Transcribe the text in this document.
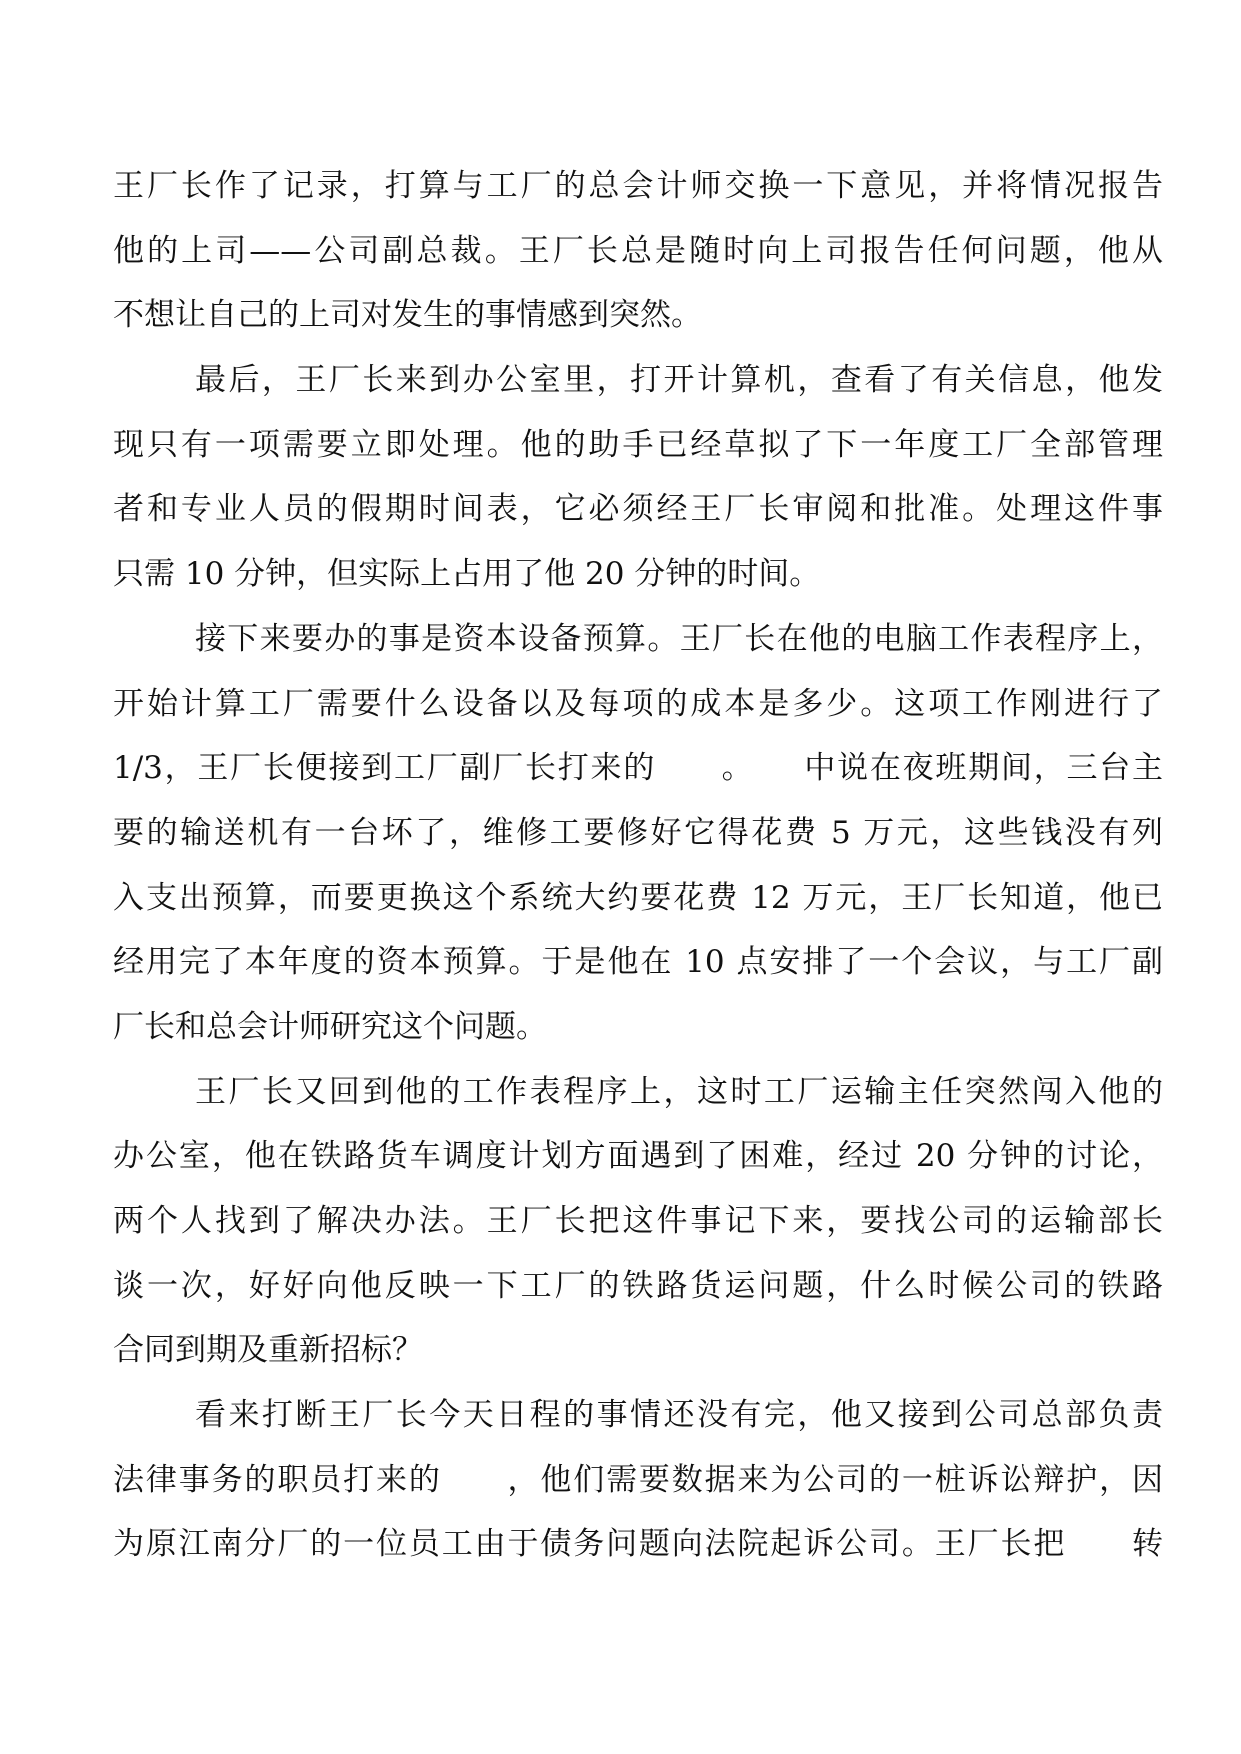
王厂长作了记录，打算与工厂的总会计师交换一下意见，并将情况报告
他的上司——公司副总裁。王厂长总是随时向上司报告任何问题，他从
不想让自己的上司对发生的事情感到突然。
最后，王厂长来到办公室里，打开计算机，查看了有关信息，他发
现只有一项需要立即处理。他的助手已经草拟了下一年度工厂全部管理
者和专业人员的假期时间表，它必须经王厂长审阅和批准。处理这件事
只需 10 分钟，但实际上占用了他 20 分钟的时间。
接下来要办的事是资本设备预算。王厂长在他的电脑工作表程序上，
开始计算工厂需要什么设备以及每项的成本是多少。这项工作刚进行了
1/3，王厂长便接到工厂副厂长打来的　　。　　中说在夜班期间，三台主
要的输送机有一台坏了，维修工要修好它得花费 5 万元，这些钱没有列
入支出预算，而要更换这个系统大约要花费 12 万元，王厂长知道，他已
经用完了本年度的资本预算。于是他在 10 点安排了一个会议，与工厂副
厂长和总会计师研究这个问题。
王厂长又回到他的工作表程序上，这时工厂运输主任突然闯入他的
办公室，他在铁路货车调度计划方面遇到了困难，经过 20 分钟的讨论，
两个人找到了解决办法。王厂长把这件事记下来，要找公司的运输部长
谈一次，好好向他反映一下工厂的铁路货运问题，什么时候公司的铁路
合同到期及重新招标？
看来打断王厂长今天日程的事情还没有完，他又接到公司总部负责
法律事务的职员打来的　　，他们需要数据来为公司的一桩诉讼辩护，因
为原江南分厂的一位员工由于债务问题向法院起诉公司。王厂长把　　转
